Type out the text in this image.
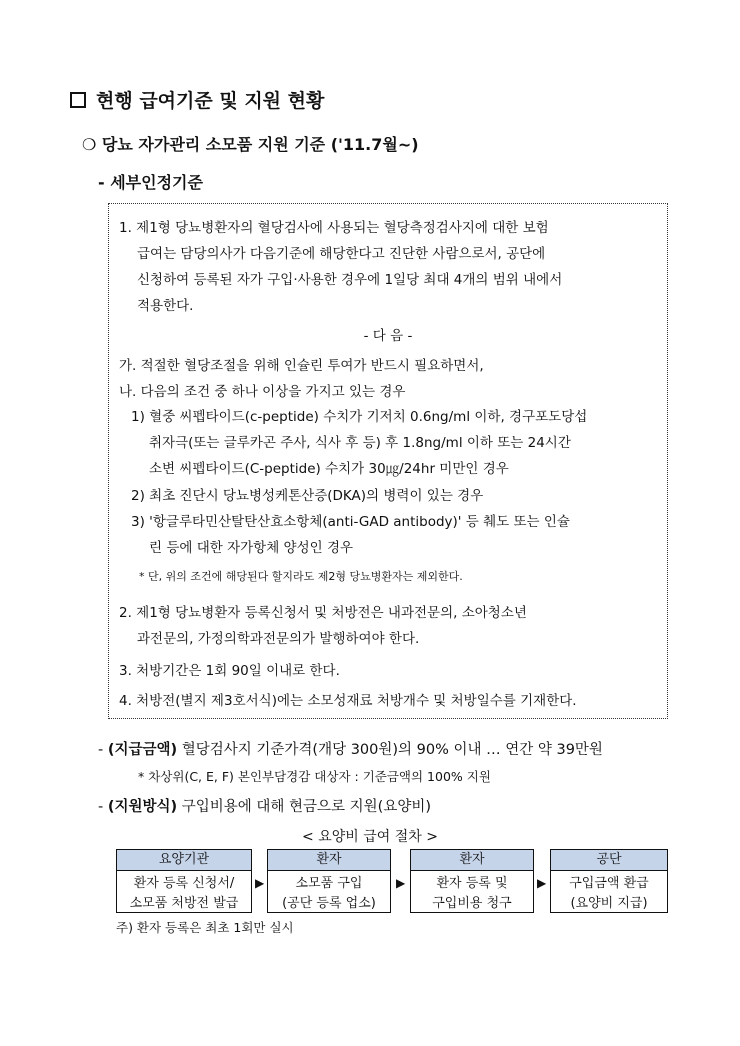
현행 급여기준 및 지원 현황
❍ 당뇨 자가관리 소모품 지원 기준 ('11.7월~)
- 세부인정기준
1. 제1형 당뇨병환자의 혈당검사에 사용되는 혈당측정검사지에 대한 보험
급여는 담당의사가 다음기준에 해당한다고 진단한 사람으로서, 공단에
신청하여 등록된 자가 구입·사용한 경우에 1일당 최대 4개의 범위 내에서
적용한다.
- 다 음 -
가. 적절한 혈당조절을 위해 인슐린 투여가 반드시 필요하면서,
나. 다음의 조건 중 하나 이상을 가지고 있는 경우
1) 혈중 씨펩타이드(c-peptide) 수치가 기저치 0.6ng/ml 이하, 경구포도당섭
취자극(또는 글루카곤 주사, 식사 후 등) 후 1.8ng/ml 이하 또는 24시간
소변 씨펩타이드(C-peptide) 수치가 30㎍/24hr 미만인 경우
2) 최초 진단시 당뇨병성케톤산증(DKA)의 병력이 있는 경우
3) '항글루타민산탈탄산효소항체(anti-GAD antibody)' 등 췌도 또는 인슐
린 등에 대한 자가항체 양성인 경우
* 단, 위의 조건에 해당된다 할지라도 제2형 당뇨병환자는 제외한다.
2. 제1형 당뇨병환자 등록신청서 및 처방전은 내과전문의, 소아청소년
과전문의, 가정의학과전문의가 발행하여야 한다.
3. 처방기간은 1회 90일 이내로 한다.
4. 처방전(별지 제3호서식)에는 소모성재료 처방개수 및 처방일수를 기재한다.
- (지급금액) 혈당검사지 기준가격(개당 300원)의 90% 이내 … 연간 약 39만원
* 차상위(C, E, F) 본인부담경감 대상자 : 기준금액의 100% 지원
- (지원방식) 구입비용에 대해 현금으로 지원(요양비)
< 요양비 급여 절차 >
요양기관
환자 등록 신청서/
소모품 처방전 발급
▶
환자
소모품 구입
(공단 등록 업소)
▶
환자
환자 등록 및
구입비용 청구
▶
공단
구입금액 환급
(요양비 지급)
주) 환자 등록은 최초 1회만 실시
